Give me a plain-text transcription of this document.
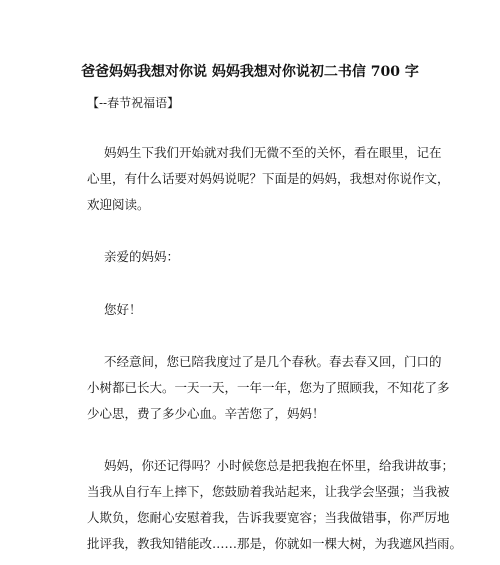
爸爸妈妈我想对你说 妈妈我想对你说初二书信 700 字
【--春节祝福语】

妈妈生下我们开始就对我们无微不至的关怀，看在眼里，记在
心里，有什么话要对妈妈说呢？下面是的妈妈，我想对你说作文，
欢迎阅读。

亲爱的妈妈：

您好！

不经意间，您已陪我度过了是几个春秋。春去春又回，门口的
小树都已长大。一天一天，一年一年，您为了照顾我，不知花了多
少心思，费了多少心血。辛苦您了，妈妈！

妈妈，你还记得吗？小时候您总是把我抱在怀里，给我讲故事；
当我从自行车上摔下，您鼓励着我站起来，让我学会坚强；当我被
人欺负，您耐心安慰着我，告诉我要宽容；当我做错事，你严厉地
批评我，教我知错能改……那是，你就如一棵大树，为我遮风挡雨。
